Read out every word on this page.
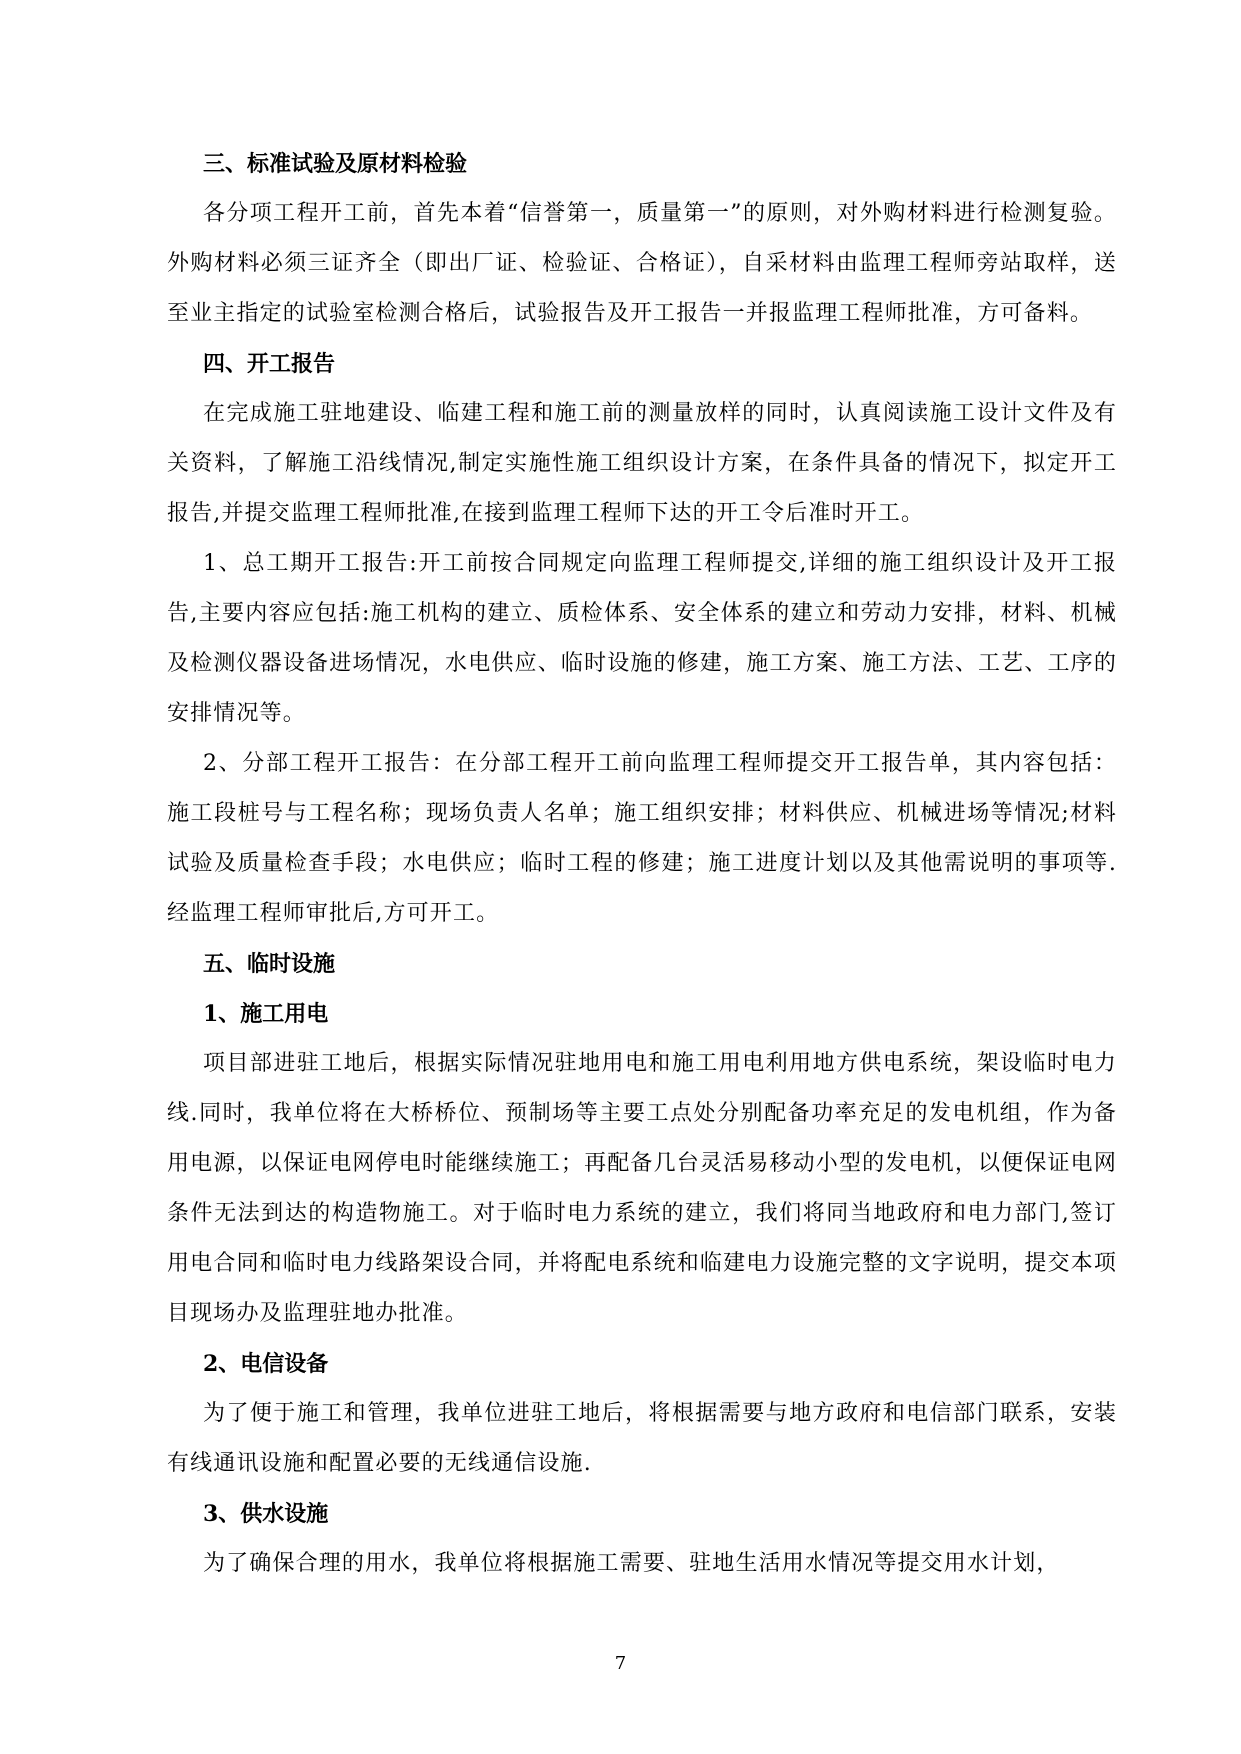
三、标准试验及原材料检验

各分项工程开工前，首先本着“信誉第一，质量第一”的原则，对外购材料进行检测复验。外购材料必须三证齐全（即出厂证、检验证、合格证），自采材料由监理工程师旁站取样，送至业主指定的试验室检测合格后，试验报告及开工报告一并报监理工程师批准，方可备料。

四、开工报告

在完成施工驻地建设、临建工程和施工前的测量放样的同时，认真阅读施工设计文件及有关资料，了解施工沿线情况,制定实施性施工组织设计方案，在条件具备的情况下，拟定开工报告,并提交监理工程师批准,在接到监理工程师下达的开工令后准时开工。

1、总工期开工报告:开工前按合同规定向监理工程师提交,详细的施工组织设计及开工报告,主要内容应包括:施工机构的建立、质检体系、安全体系的建立和劳动力安排，材料、机械及检测仪器设备进场情况，水电供应、临时设施的修建，施工方案、施工方法、工艺、工序的安排情况等。

2、分部工程开工报告：在分部工程开工前向监理工程师提交开工报告单，其内容包括：施工段桩号与工程名称；现场负责人名单；施工组织安排；材料供应、机械进场等情况;材料试验及质量检查手段；水电供应；临时工程的修建；施工进度计划以及其他需说明的事项等.经监理工程师审批后,方可开工。

五、临时设施
1、施工用电

项目部进驻工地后，根据实际情况驻地用电和施工用电利用地方供电系统，架设临时电力线.同时，我单位将在大桥桥位、预制场等主要工点处分别配备功率充足的发电机组，作为备用电源，以保证电网停电时能继续施工；再配备几台灵活易移动小型的发电机，以便保证电网条件无法到达的构造物施工。对于临时电力系统的建立，我们将同当地政府和电力部门,签订用电合同和临时电力线路架设合同，并将配电系统和临建电力设施完整的文字说明，提交本项目现场办及监理驻地办批准。

2、电信设备

为了便于施工和管理，我单位进驻工地后，将根据需要与地方政府和电信部门联系，安装有线通讯设施和配置必要的无线通信设施.

3、供水设施

为了确保合理的用水，我单位将根据施工需要、驻地生活用水情况等提交用水计划，

7
